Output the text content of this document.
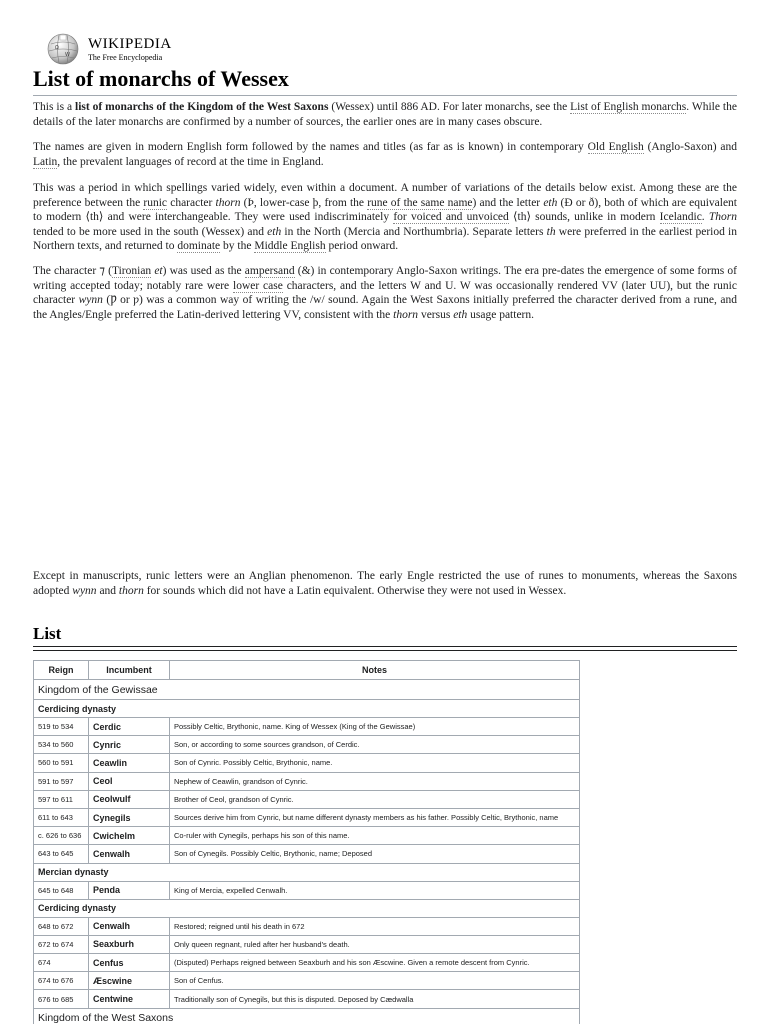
Ω
W
WIKIPEDIA
The Free Encyclopedia
List of monarchs of Wessex

This is a list of monarchs of the Kingdom of the West Saxons (Wessex) until 886 AD. For later monarchs, see the List of English monarchs. While the details of the later monarchs are confirmed by a number of sources, the earlier ones are in many cases obscure.

The names are given in modern English form followed by the names and titles (as far as is known) in contemporary Old English (Anglo-Saxon) and Latin, the prevalent languages of record at the time in England.

This was a period in which spellings varied widely, even within a document. A number of variations of the details below exist. Among these are the preference between the runic character thorn (Þ, lower-case þ, from the rune of the same name) and the letter eth (Ð or ð), both of which are equivalent to modern ⟨th⟩ and were interchangeable. They were used indiscriminately for voiced and unvoiced ⟨th⟩ sounds, unlike in modern Icelandic. Thorn tended to be more used in the south (Wessex) and eth in the North (Mercia and Northumbria). Separate letters th were preferred in the earliest period in Northern texts, and returned to dominate by the Middle English period onward.

The character ⁊ (Tironian et) was used as the ampersand (&) in contemporary Anglo-Saxon writings. The era pre-dates the emergence of some forms of writing accepted today; notably rare were lower case characters, and the letters W and U. W was occasionally rendered VV (later UU), but the runic character wynn (Ƿ or ƿ) was a common way of writing the /w/ sound. Again the West Saxons initially preferred the character derived from a rune, and the Angles/Engle preferred the Latin-derived lettering VV, consistent with the thorn versus eth usage pattern.

Except in manuscripts, runic letters were an Anglian phenomenon. The early Engle restricted the use of runes to monuments, whereas the Saxons adopted wynn and thorn for sounds which did not have a Latin equivalent. Otherwise they were not used in Wessex.

List
Reign	Incumbent	Notes
Kingdom of the Gewissae		
Cerdicing dynasty		
519 to 534	Cerdic	Possibly Celtic, Brythonic, name. King of Wessex (King of the Gewissae)
534 to 560	Cynric	Son, or according to some sources grandson, of Cerdic.
560 to 591	Ceawlin	Son of Cynric. Possibly Celtic, Brythonic, name.
591 to 597	Ceol	Nephew of Ceawlin, grandson of Cynric.
597 to 611	Ceolwulf	Brother of Ceol, grandson of Cynric.
611 to 643	Cynegils	Sources derive him from Cynric, but name different dynasty members as his father. Possibly Celtic, Brythonic, name
c. 626 to 636	Cwichelm	Co-ruler with Cynegils, perhaps his son of this name.
643 to 645	Cenwalh	Son of Cynegils. Possibly Celtic, Brythonic, name; Deposed
Mercian dynasty		
645 to 648	Penda	King of Mercia, expelled Cenwalh.
Cerdicing dynasty		
648 to 672	Cenwalh	Restored; reigned until his death in 672
672 to 674	Seaxburh	Only queen regnant, ruled after her husband's death.
674	Cenfus	(Disputed) Perhaps reigned between Seaxburh and his son Æscwine. Given a remote descent from Cynric.
674 to 676	Æscwine	Son of Cenfus.
676 to 685	Centwine	Traditionally son of Cynegils, but this is disputed. Deposed by Cædwalla
Kingdom of the West Saxons		
